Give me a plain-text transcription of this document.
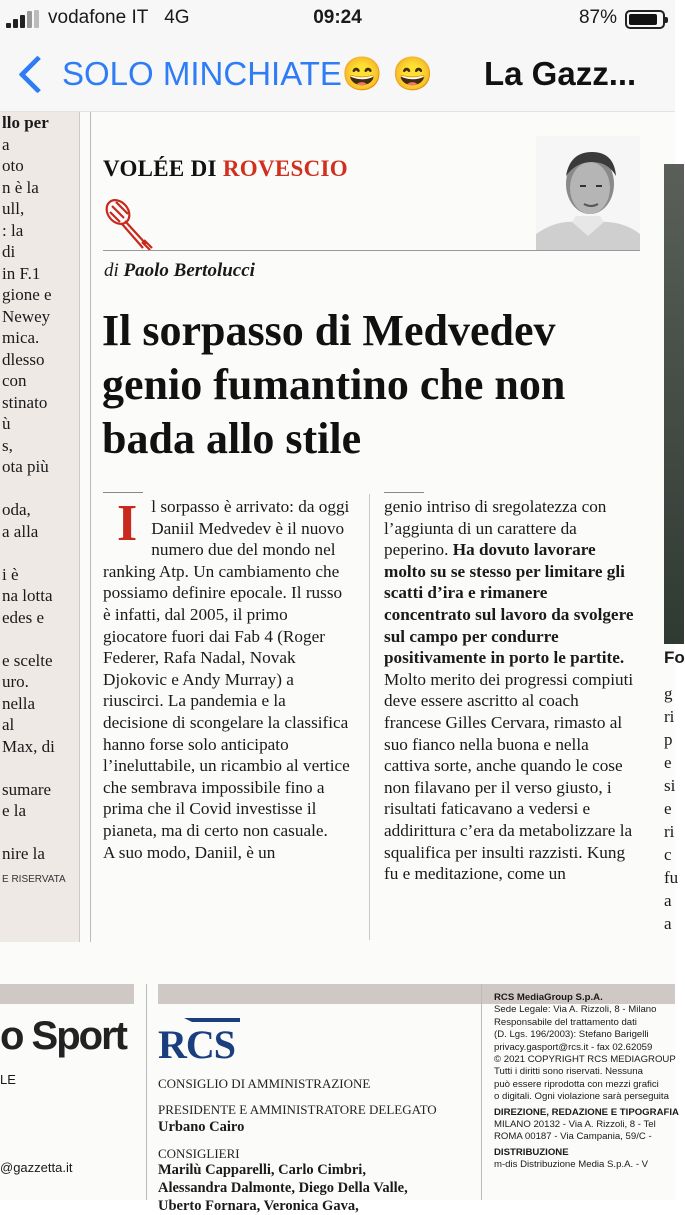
vodafone IT 4G	09:24	87%
SOLO MINCHIATE😄 😄 La Gazz...

llo per

a

oto

n è la

ull,

: la

di

in F.1

gione e

Newey

mica.

dlesso

con

stinato

ù

s,

ota più

oda,

a alla

i è

na lotta

edes e

e scelte

uro.

nella

al

Max, di

sumare

e la

nire la

E RISERVATA

Fo

g

ri

p

e

si

e

ri

c

fu

a

a

VOLÉE DI ROVESCIO
di Paolo Bertolucci
Il sorpasso di Medvedev genio fumantino che non bada allo stile
Il sorpasso è arrivato: da oggi Daniil Medvedev è il nuovo numero due del mondo nel ranking Atp. Un cambiamento che possiamo definire epocale. Il russo è infatti, dal 2005, il primo giocatore fuori dai Fab 4 (Roger Federer, Rafa Nadal, Novak Djokovic e Andy Murray) a riuscirci. La pandemia e la decisione di scongelare la classifica hanno forse solo anticipato l’ineluttabile, un ricambio al vertice che sembrava impossibile fino a prima che il Covid investisse il pianeta, ma di certo non casuale.
A suo modo, Daniil, è un
genio intriso di sregolatezza con l’aggiunta di un carattere da peperino. Ha dovuto lavorare molto su se stesso per limitare gli scatti d’ira e rimanere concentrato sul lavoro da svolgere sul campo per condurre positivamente in porto le partite. Molto merito dei progressi compiuti deve essere ascritto al coach francese Gilles Cervara, rimasto al suo fianco nella buona e nella cattiva sorte, anche quando le cose non filavano per il verso giusto, i risultati faticavano a vedersi e addirittura c’era da metabolizzare la squalifica per insulti razzisti. Kung fu e meditazione, come un
o Sport
LE
@gazzetta.it
RCS
CONSIGLIO DI AMMINISTRAZIONE
PRESIDENTE E AMMINISTRATORE DELEGATO
Urbano Cairo
CONSIGLIERI
Marilù Capparelli, Carlo Cimbri,
Alessandra Dalmonte, Diego Della Valle,
Uberto Fornara, Veronica Gava,
RCS MediaGroup S.p.A.
Sede Legale: Via A. Rizzoli, 8 - Milano
Responsabile del trattamento dati
(D. Lgs. 196/2003): Stefano Barigelli
privacy.gasport@rcs.it - fax 02.62059
© 2021 COPYRIGHT RCS MEDIAGROUP
Tutti i diritti sono riservati. Nessuna
può essere riprodotta con mezzi grafici
o digitali. Ogni violazione sarà perseguita
DIREZIONE, REDAZIONE E TIPOGRAFIA
MILANO 20132 - Via A. Rizzoli, 8 - Tel
ROMA 00187 - Via Campania, 59/C -
DISTRIBUZIONE
m-dis Distribuzione Media S.p.A. - V
